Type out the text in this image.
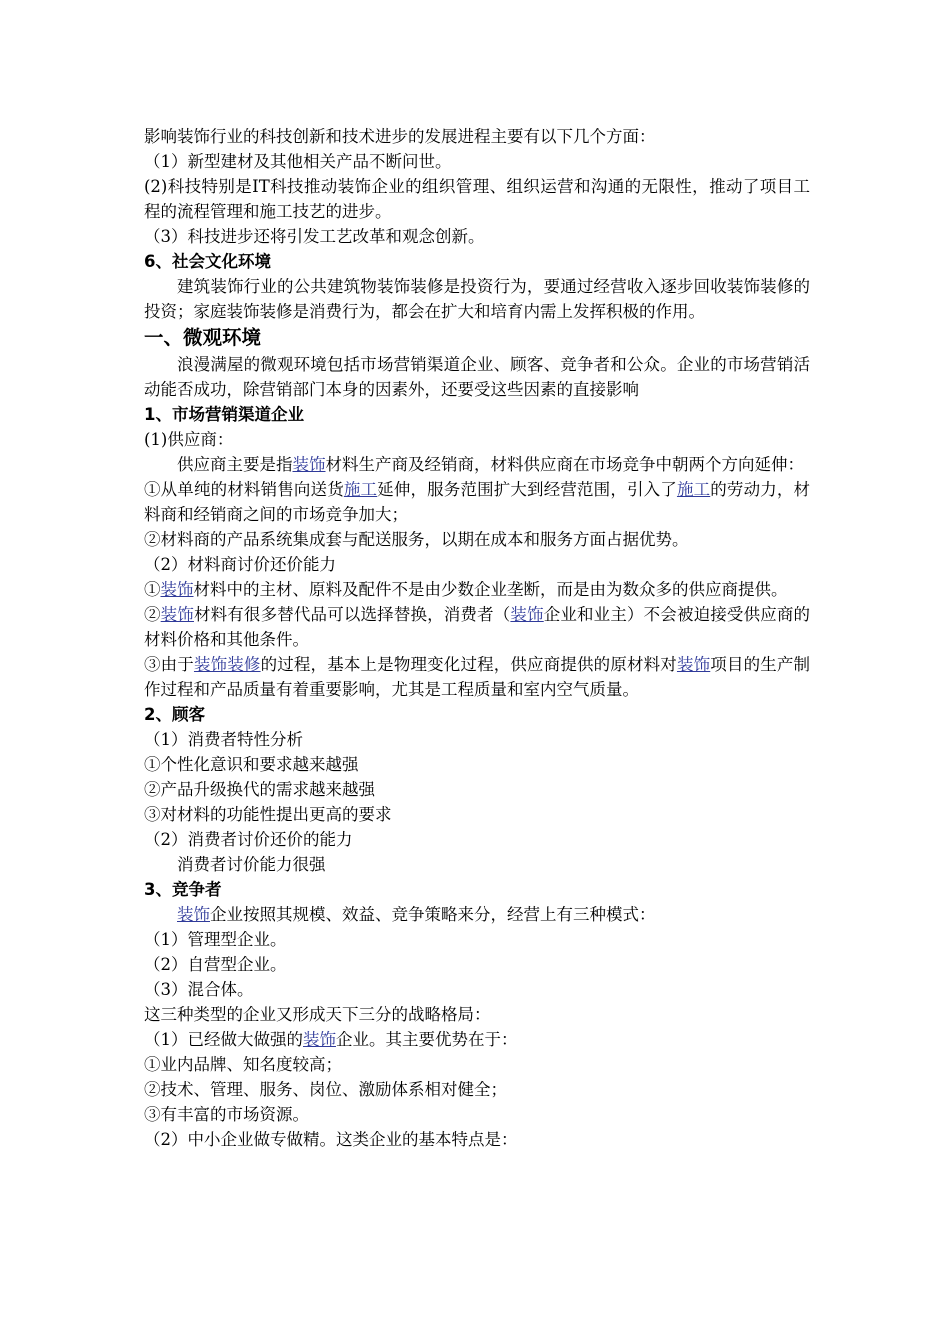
影响装饰行业的科技创新和技术进步的发展进程主要有以下几个方面：

（1）新型建材及其他相关产品不断问世。

(2)科技特别是IT科技推动装饰企业的组织管理、组织运营和沟通的无限性，推动了项目工程的流程管理和施工技艺的进步。

（3）科技进步还将引发工艺改革和观念创新。

6、社会文化环境

建筑装饰行业的公共建筑物装饰装修是投资行为，要通过经营收入逐步回收装饰装修的投资；家庭装饰装修是消费行为，都会在扩大和培育内需上发挥积极的作用。

一、微观环境

浪漫满屋的微观环境包括市场营销渠道企业、顾客、竞争者和公众。企业的市场营销活动能否成功，除营销部门本身的因素外，还要受这些因素的直接影响

1、市场营销渠道企业

(1)供应商：

供应商主要是指装饰材料生产商及经销商，材料供应商在市场竞争中朝两个方向延伸：

①从单纯的材料销售向送货施工延伸，服务范围扩大到经营范围，引入了施工的劳动力，材料商和经销商之间的市场竞争加大；

②材料商的产品系统集成套与配送服务，以期在成本和服务方面占据优势。

（2）材料商讨价还价能力

①装饰材料中的主材、原料及配件不是由少数企业垄断，而是由为数众多的供应商提供。

②装饰材料有很多替代品可以选择替换，消费者（装饰企业和业主）不会被迫接受供应商的材料价格和其他条件。

③由于装饰装修的过程，基本上是物理变化过程，供应商提供的原材料对装饰项目的生产制作过程和产品质量有着重要影响，尤其是工程质量和室内空气质量。

2、顾客

（1）消费者特性分析

①个性化意识和要求越来越强

②产品升级换代的需求越来越强

③对材料的功能性提出更高的要求

（2）消费者讨价还价的能力

消费者讨价能力很强

3、竞争者

装饰企业按照其规模、效益、竞争策略来分，经营上有三种模式：

（1）管理型企业。

（2）自营型企业。

（3）混合体。

这三种类型的企业又形成天下三分的战略格局：

（1）已经做大做强的装饰企业。其主要优势在于：

①业内品牌、知名度较高；

②技术、管理、服务、岗位、激励体系相对健全；

③有丰富的市场资源。

（2）中小企业做专做精。这类企业的基本特点是：
